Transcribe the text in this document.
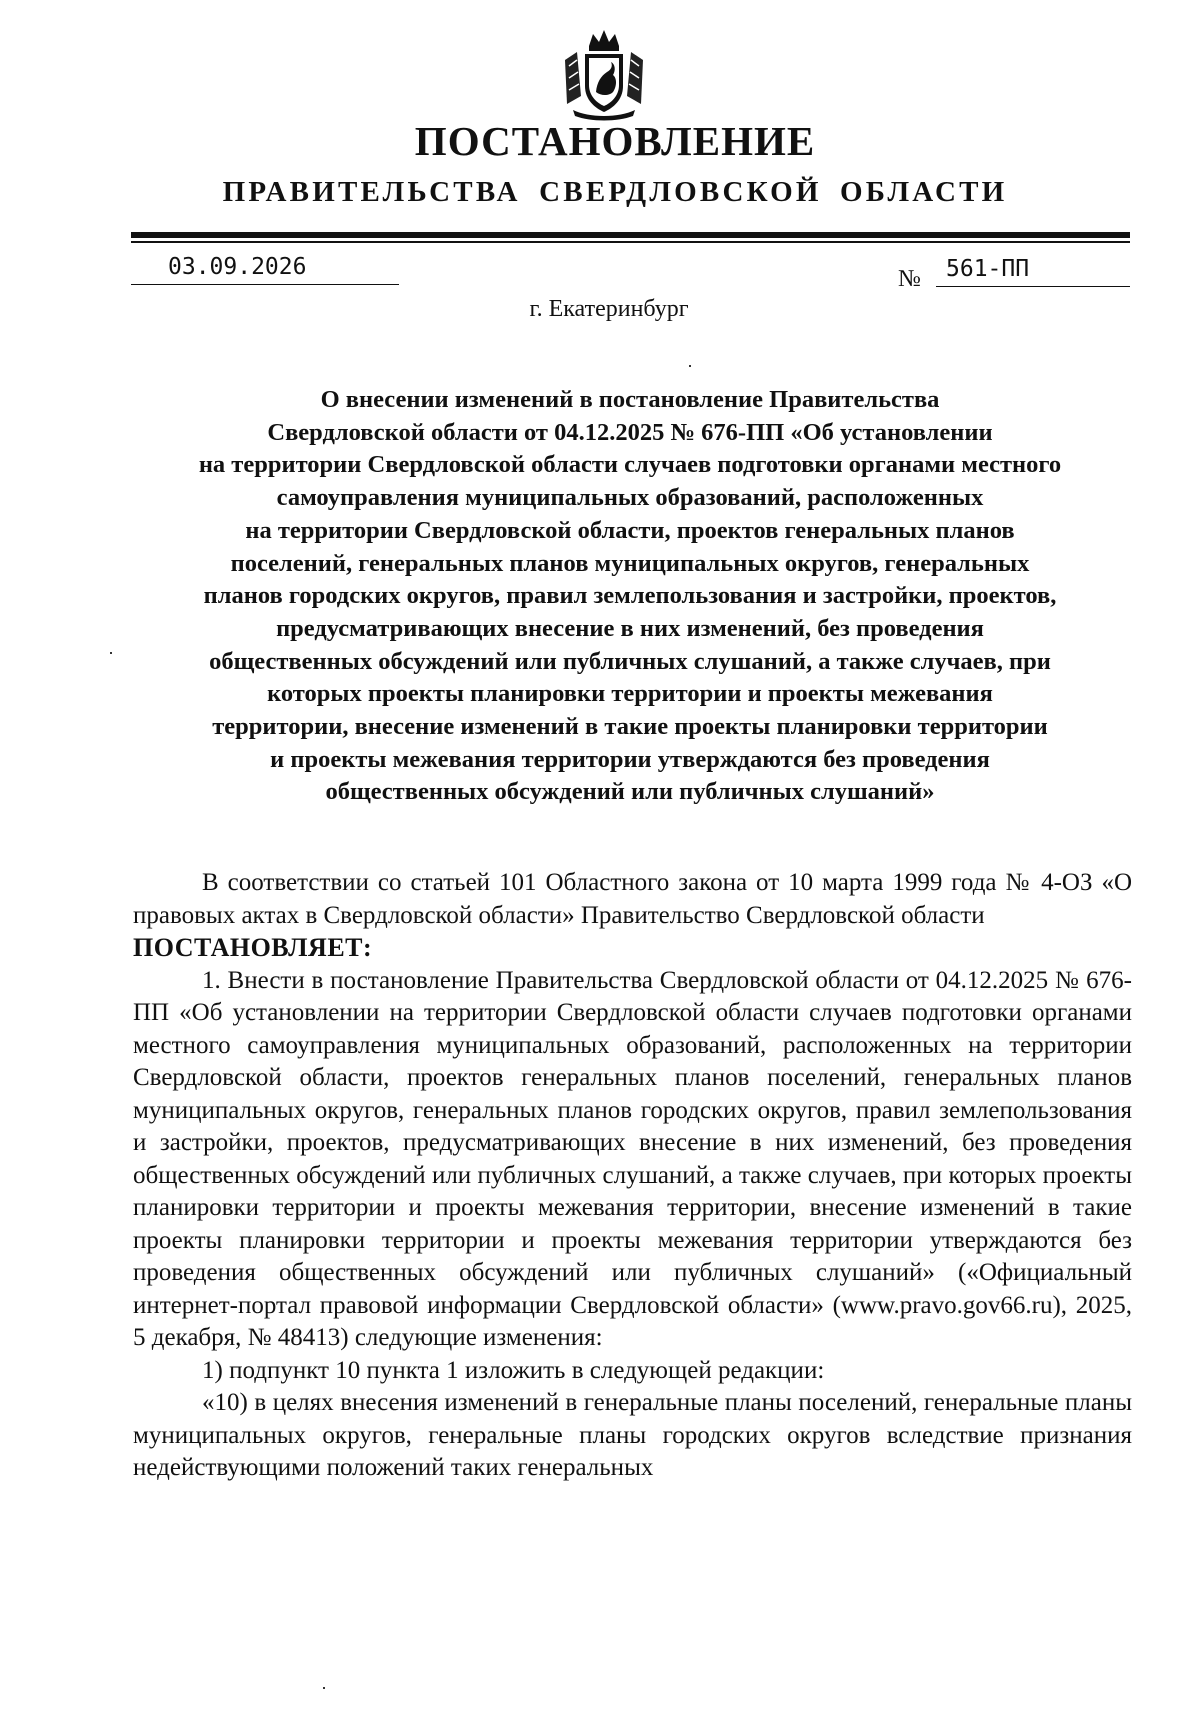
ПОСТАНОВЛЕНИЕ
ПРАВИТЕЛЬСТВА СВЕРДЛОВСКОЙ ОБЛАСТИ
03.09.2026	№ 561-ПП
г. Екатеринбург
О внесении изменений в постановление Правительства
Свердловской области от 04.12.2025 № 676-ПП «Об установлении
на территории Свердловской области случаев подготовки органами местного
самоуправления муниципальных образований, расположенных
на территории Свердловской области, проектов генеральных планов
поселений, генеральных планов муниципальных округов, генеральных
планов городских округов, правил землепользования и застройки, проектов,
предусматривающих внесение в них изменений, без проведения
общественных обсуждений или публичных слушаний, а также случаев, при
которых проекты планировки территории и проекты межевания
территории, внесение изменений в такие проекты планировки территории
и проекты межевания территории утверждаются без проведения
общественных обсуждений или публичных слушаний»

В соответствии со статьей 101 Областного закона от 10 марта 1999 года № 4-ОЗ «О правовых актах в Свердловской области» Правительство Свердловской области

ПОСТАНОВЛЯЕТ:

1. Внести в постановление Правительства Свердловской области от 04.12.2025 № 676-ПП «Об установлении на территории Свердловской области случаев подготовки органами местного самоуправления муниципальных образований, расположенных на территории Свердловской области, проектов генеральных планов поселений, генеральных планов муниципальных округов, генеральных планов городских округов, правил землепользования и застройки, проектов, предусматривающих внесение в них изменений, без проведения общественных обсуждений или публичных слушаний, а также случаев, при которых проекты планировки территории и проекты межевания территории, внесение изменений в такие проекты планировки территории и проекты межевания территории утверждаются без проведения общественных обсуждений или публичных слушаний» («Официальный интернет-портал правовой информации Свердловской области» (www.pravo.gov66.ru), 2025, 5 декабря, № 48413) следующие изменения:

1) подпункт 10 пункта 1 изложить в следующей редакции:

«10) в целях внесения изменений в генеральные планы поселений, генеральные планы муниципальных округов, генеральные планы городских округов вследствие признания недействующими положений таких генеральных
